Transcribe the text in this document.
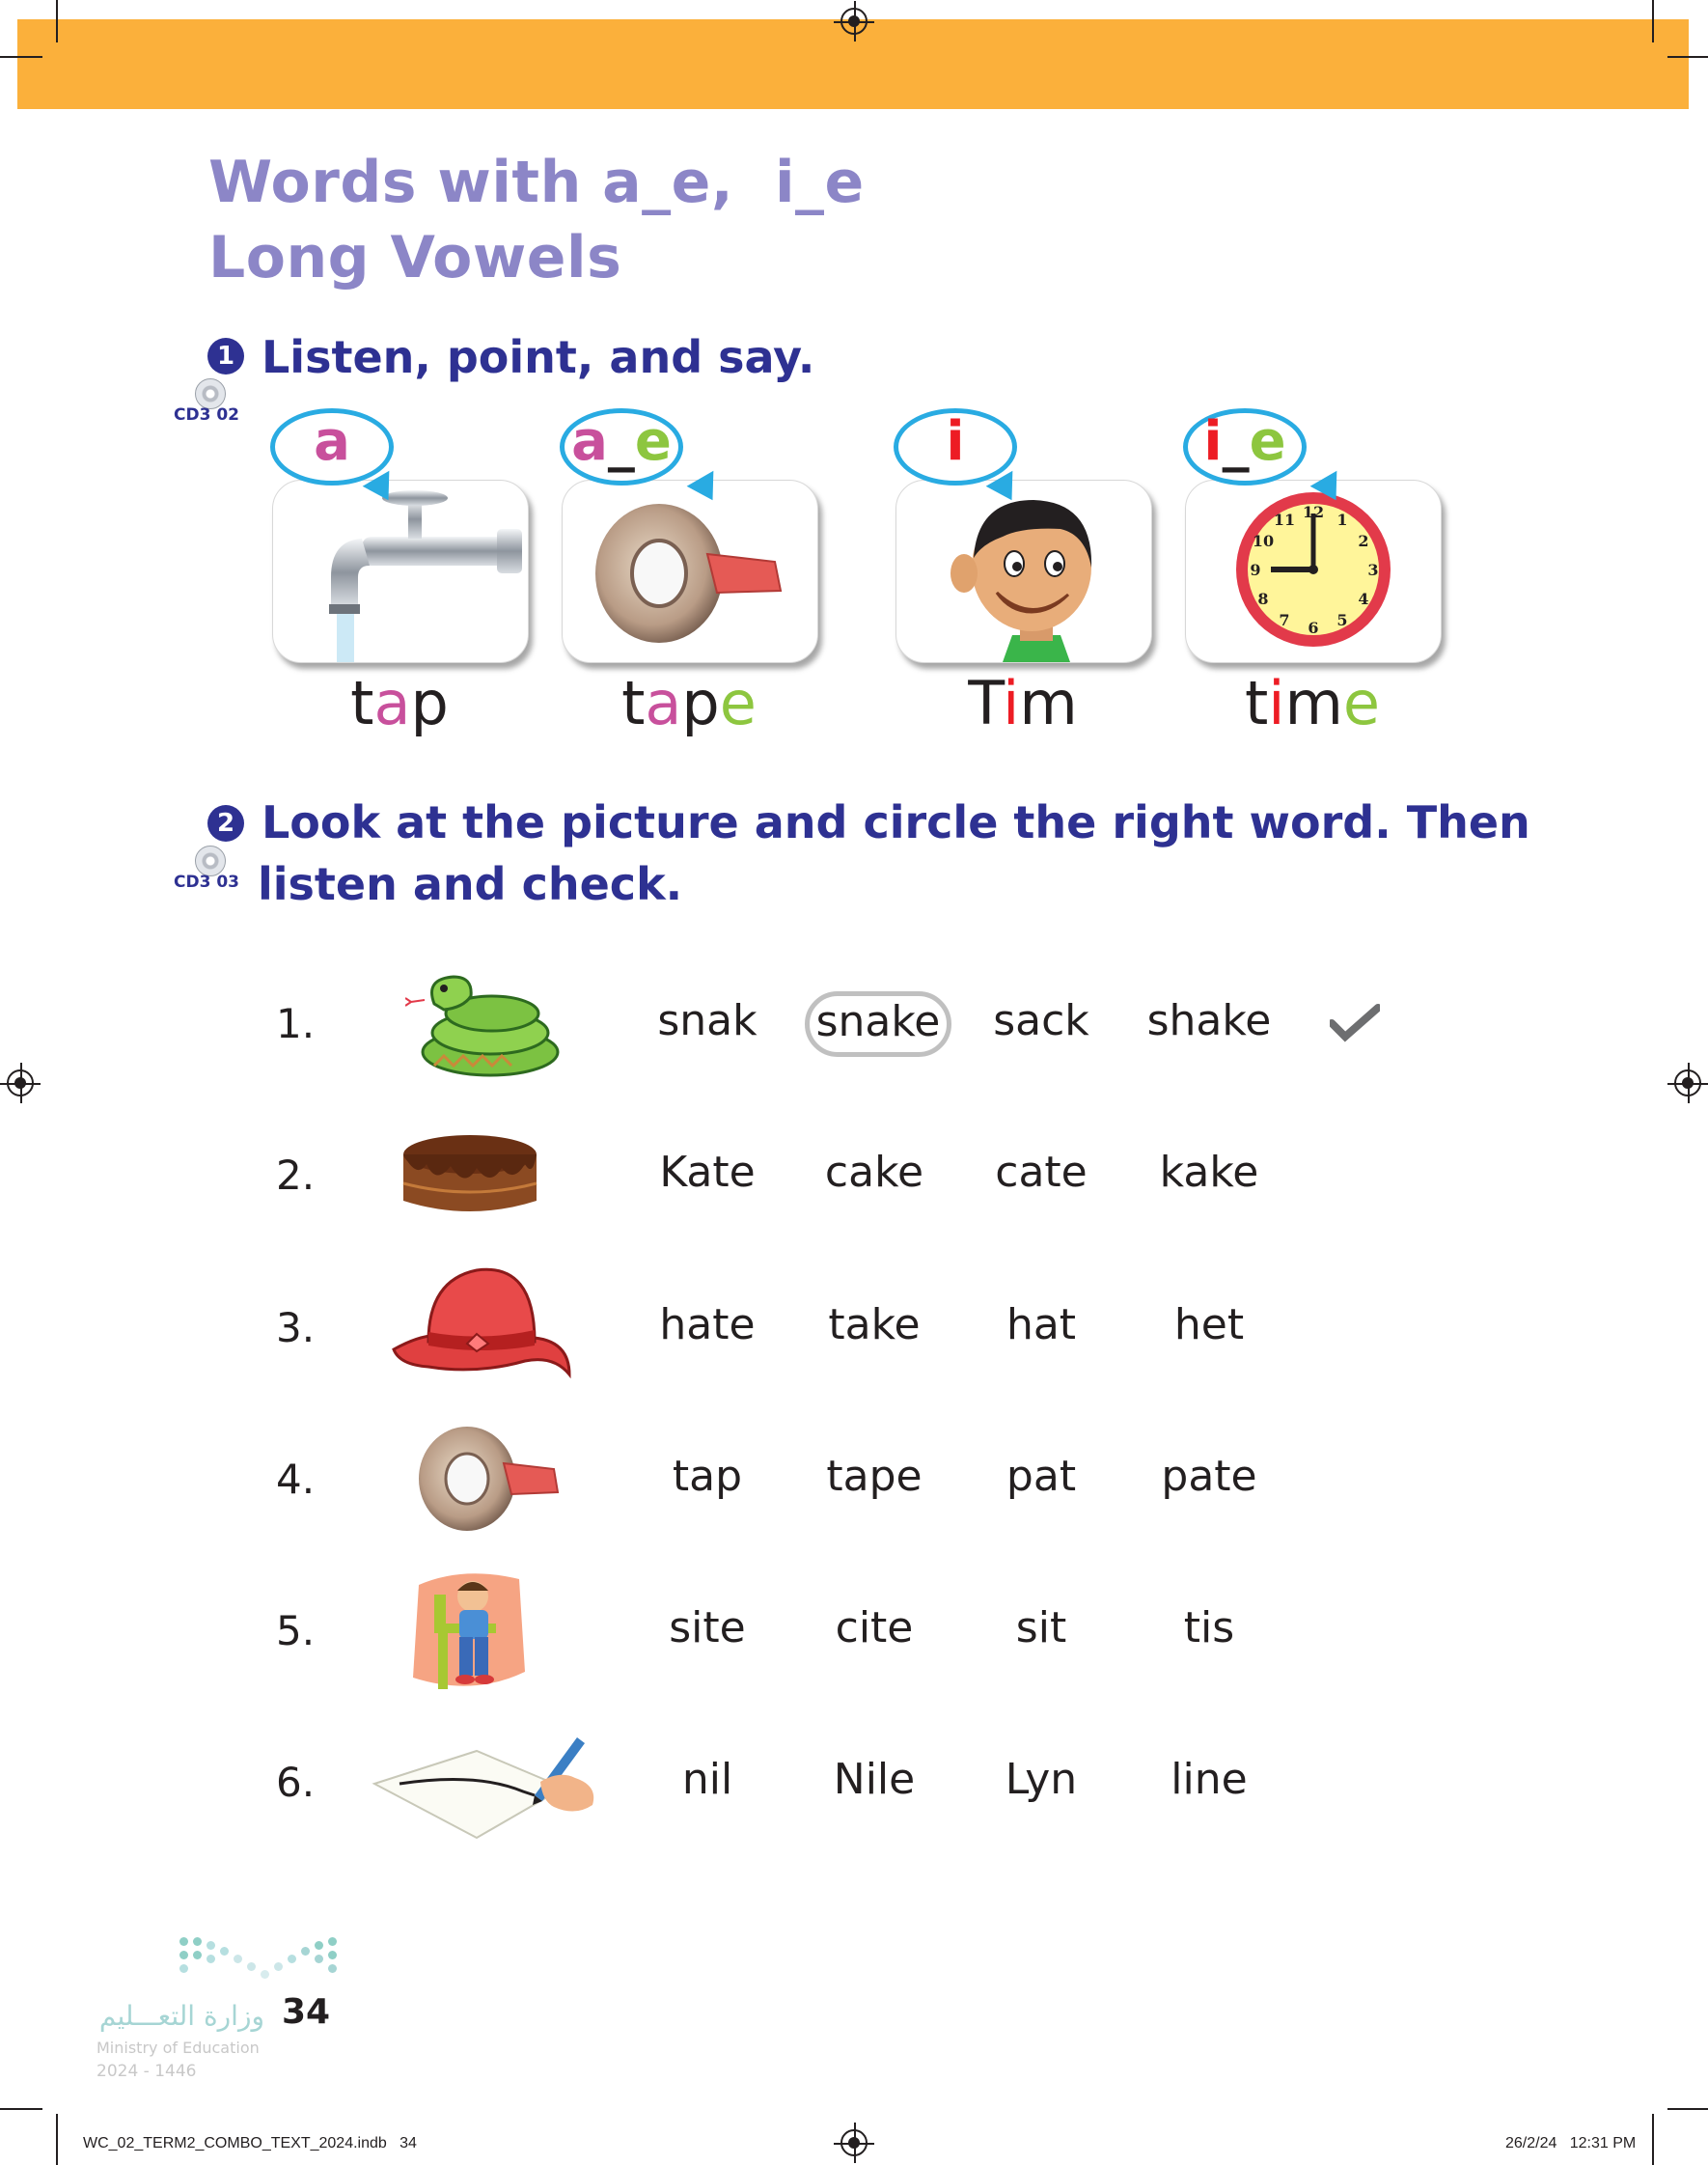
Words with a_e,  i_e
Long Vowels
1 Listen, point, and say.
CD3 02	a
tap
a_e
tape
i
Tim
12 1
2
3
4
5
6
7
8
9
10
11
i_e
time
2 Look at the picture and circle the right word. Then
listen and check.
CD3 03
1.	snak	snake	sack	shake
2.	Kate	cake	cate	kake
3.	hate	take	hat	het
4.	tap	tape	pat	pate
5.	site	cite	sit	tis
6.	nil	Nile	Lyn	line
وزارة التعـــليم
Ministry of Education
2024 - 1446
34
WC_02_TERM2_COMBO_TEXT_2024.indb   34	26/2/24   12:31 PM
